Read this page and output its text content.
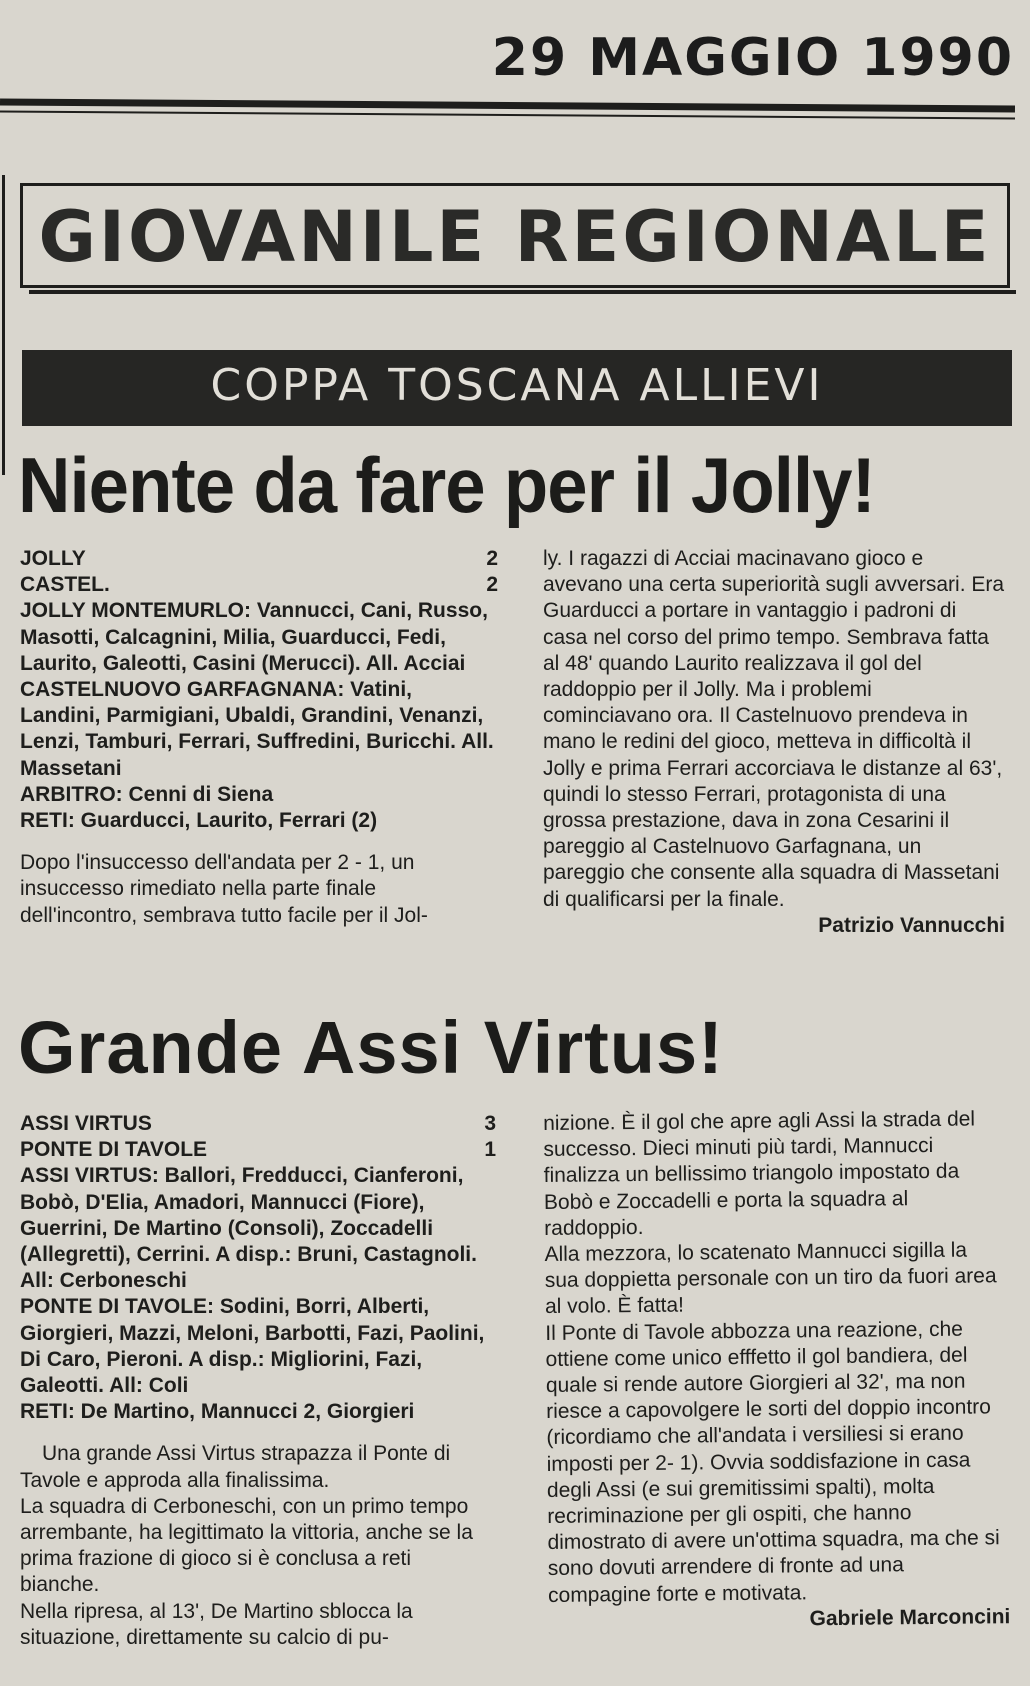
29 MAGGIO 1990
GIOVANILE REGIONALE
COPPA TOSCANA ALLIEVI
Niente da fare per il Jolly!
JOLLY	2
CASTEL.	2

JOLLY MONTEMURLO: Vannucci, Cani, Russo, Masotti, Calcagnini, Milia, Guarducci, Fedi, Laurito, Galeotti, Casini (Merucci). All. Acciai

CASTELNUOVO GARFAGNANA: Vatini, Landini, Parmigiani, Ubaldi, Grandini, Venanzi, Lenzi, Tamburi, Ferrari, Suffredini, Buricchi. All. Massetani

ARBITRO: Cenni di Siena

RETI: Guarducci, Laurito, Ferrari (2)

Dopo l'insuccesso dell'andata per 2 - 1, un insuccesso rimediato nella parte finale dell'incontro, sembrava tutto facile per il Jol-

ly. I ragazzi di Acciai macinavano gioco e avevano una certa superiorità sugli avversari. Era Guarducci a portare in vantaggio i padroni di casa nel corso del primo tempo. Sembrava fatta al 48' quando Laurito realizzava il gol del raddoppio per il Jolly. Ma i problemi cominciavano ora. Il Castelnuovo prendeva in mano le redini del gioco, metteva in difficoltà il Jolly e prima Ferrari accorciava le distanze al 63', quindi lo stesso Ferrari, protagonista di una grossa prestazione, dava in zona Cesarini il pareggio al Castelnuovo Garfagnana, un pareggio che consente alla squadra di Massetani di qualificarsi per la finale.

Patrizio Vannucchi

Grande Assi Virtus!
ASSI VIRTUS	3
PONTE DI TAVOLE	1

ASSI VIRTUS: Ballori, Fredducci, Cianferoni, Bobò, D'Elia, Amadori, Mannucci (Fiore), Guerrini, De Martino (Consoli), Zoccadelli (Allegretti), Cerrini. A disp.: Bruni, Castagnoli. All: Cerboneschi

PONTE DI TAVOLE: Sodini, Borri, Alberti, Giorgieri, Mazzi, Meloni, Barbotti, Fazi, Paolini, Di Caro, Pieroni. A disp.: Migliorini, Fazi, Galeotti. All: Coli

RETI: De Martino, Mannucci 2, Giorgieri

Una grande Assi Virtus strapazza il Ponte di Tavole e approda alla finalissima.

La squadra di Cerboneschi, con un primo tempo arrembante, ha legittimato la vittoria, anche se la prima frazione di gioco si è conclusa a reti bianche.

Nella ripresa, al 13', De Martino sblocca la situazione, direttamente su calcio di pu-

nizione. È il gol che apre agli Assi la strada del successo. Dieci minuti più tardi, Mannucci finalizza un bellissimo triangolo impostato da Bobò e Zoccadelli e porta la squadra al raddoppio.

Alla mezzora, lo scatenato Mannucci sigilla la sua doppietta personale con un tiro da fuori area al volo. È fatta!

Il Ponte di Tavole abbozza una reazione, che ottiene come unico efffetto il gol bandiera, del quale si rende autore Giorgieri al 32', ma non riesce a capovolgere le sorti del doppio incontro (ricordiamo che all'andata i versiliesi si erano imposti per 2- 1). Ovvia soddisfazione in casa degli Assi (e sui gremitissimi spalti), molta recriminazione per gli ospiti, che hanno dimostrato di avere un'ottima squadra, ma che si sono dovuti arrendere di fronte ad una compagine forte e motivata.

Gabriele Marconcini
